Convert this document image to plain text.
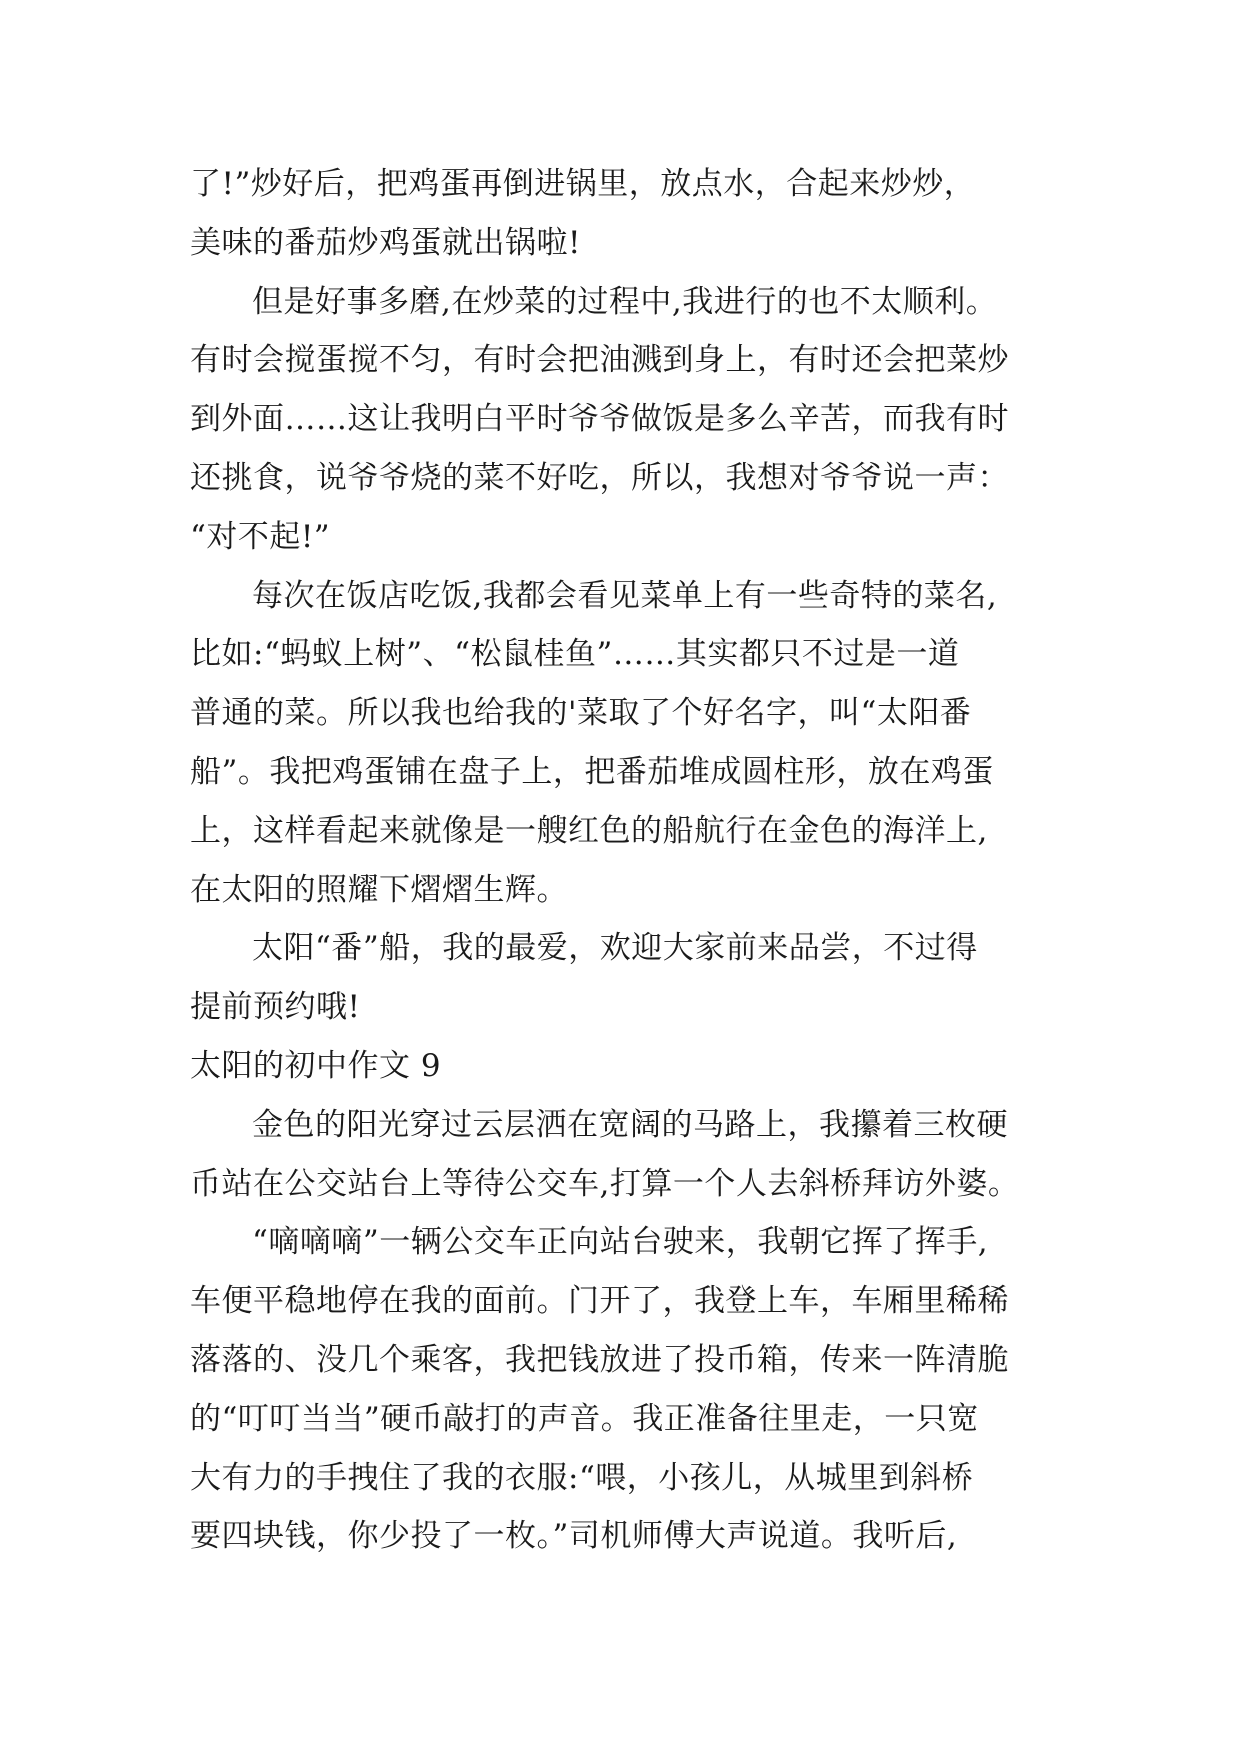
了!”炒好后，把鸡蛋再倒进锅里，放点水，合起来炒炒，
美味的番茄炒鸡蛋就出锅啦!
但是好事多磨,在炒菜的过程中,我进行的也不太顺利。
有时会搅蛋搅不匀，有时会把油溅到身上，有时还会把菜炒
到外面……这让我明白平时爷爷做饭是多么辛苦，而我有时
还挑食，说爷爷烧的菜不好吃，所以，我想对爷爷说一声：
“对不起!”
每次在饭店吃饭,我都会看见菜单上有一些奇特的菜名,
比如:“蚂蚁上树”、“松鼠桂鱼”……其实都只不过是一道
普通的菜。所以我也给我的'菜取了个好名字，叫“太阳番
船”。我把鸡蛋铺在盘子上，把番茄堆成圆柱形，放在鸡蛋
上，这样看起来就像是一艘红色的船航行在金色的海洋上,
在太阳的照耀下熠熠生辉。
太阳“番”船，我的最爱，欢迎大家前来品尝，不过得
提前预约哦!
太阳的初中作文 9
金色的阳光穿过云层洒在宽阔的马路上，我攥着三枚硬
币站在公交站台上等待公交车,打算一个人去斜桥拜访外婆。
“嘀嘀嘀”一辆公交车正向站台驶来，我朝它挥了挥手,
车便平稳地停在我的面前。门开了，我登上车，车厢里稀稀
落落的、没几个乘客，我把钱放进了投币箱，传来一阵清脆
的“叮叮当当”硬币敲打的声音。我正准备往里走，一只宽
大有力的手拽住了我的衣服:“喂，小孩儿，从城里到斜桥
要四块钱，你少投了一枚。”司机师傅大声说道。我听后,
